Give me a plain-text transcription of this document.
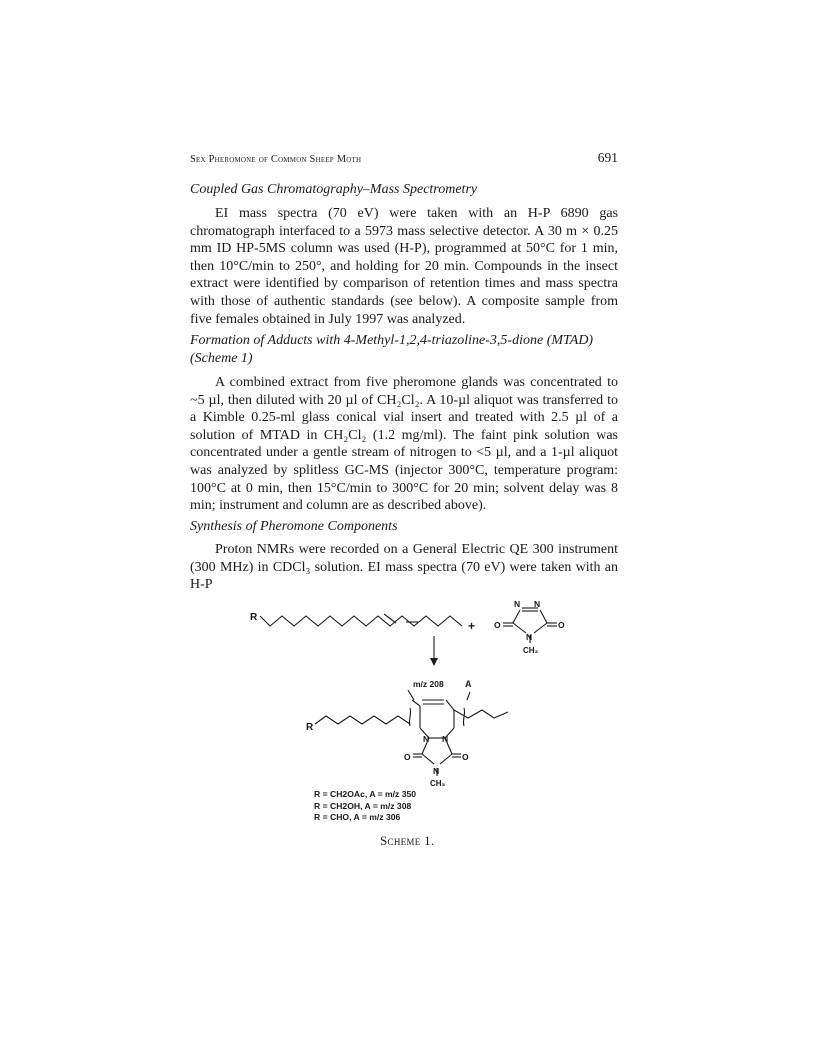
Sex Pheromone of Common Sheep Moth	691
Coupled Gas Chromatography–Mass Spectrometry
EI mass spectra (70 eV) were taken with an H-P 6890 gas chromatograph interfaced to a 5973 mass selective detector. A 30 m × 0.25 mm ID HP-5MS column was used (H-P), programmed at 50°C for 1 min, then 10°C/min to 250°, and holding for 20 min. Compounds in the insect extract were identified by comparison of retention times and mass spectra with those of authentic standards (see below). A composite sample from five females obtained in July 1997 was analyzed.
Formation of Adducts with 4-Methyl-1,2,4-triazoline-3,5-dione (MTAD)
(Scheme 1)
A combined extract from five pheromone glands was concentrated to ~5 µl, then diluted with 20 µl of CH₂Cl₂. A 10-µl aliquot was transferred to a Kimble 0.25-ml glass conical vial insert and treated with 2.5 µl of a solution of MTAD in CH₂Cl₂ (1.2 mg/ml). The faint pink solution was concentrated under a gentle stream of nitrogen to <5 µl, and a 1-µl aliquot was analyzed by splitless GC-MS (injector 300°C, temperature program: 100°C at 0 min, then 15°C/min to 300°C for 20 min; solvent delay was 8 min; instrument and column are as described above).
Synthesis of Pheromone Components
Proton NMRs were recorded on a General Electric QE 300 instrument (300 MHz) in CDCl₃ solution. EI mass spectra (70 eV) were taken with an H-P
R
+
N N
N
O	O
CH₃
m/z 208 A
R
N N
N
O	O
CH₃
R = CH2OAc, A = m/z 350
R = CH2OH, A = m/z 308
R = CHO, A = m/z 306
Scheme 1.
